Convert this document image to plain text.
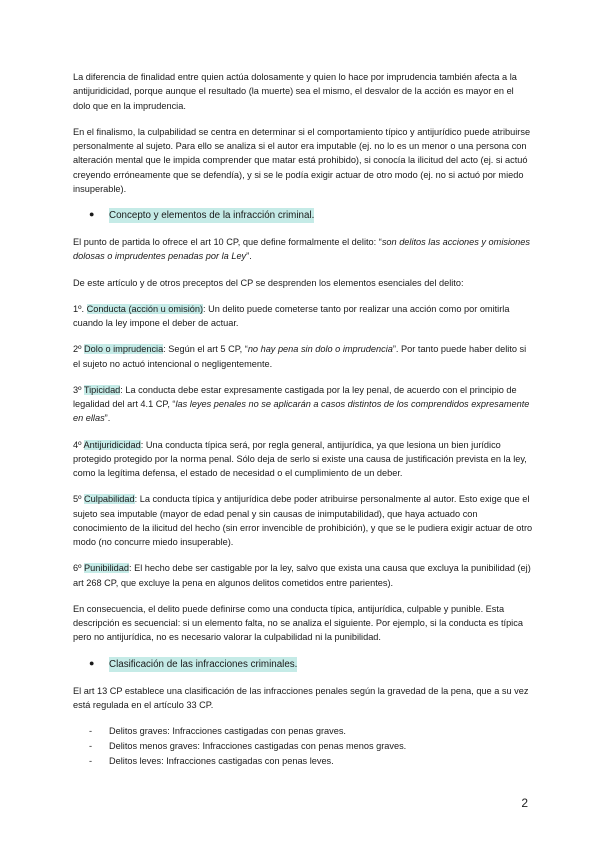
La diferencia de finalidad entre quien actúa dolosamente y quien lo hace por imprudencia también afecta a la antijuridicidad, porque aunque el resultado (la muerte) sea el mismo, el desvalor de la acción es mayor en el dolo que en la imprudencia.

En el finalismo, la culpabilidad se centra en determinar si el comportamiento típico y antijurídico puede atribuirse personalmente al sujeto. Para ello se analiza si el autor era imputable (ej. no lo es un menor o una persona con alteración mental que le impida comprender que matar está prohibido), si conocía la ilicitud del acto (ej. si actuó creyendo erróneamente que se defendía), y si se le podía exigir actuar de otro modo (ej. no si actuó por miedo insuperable).

●	Concepto y elementos de la infracción criminal.

El punto de partida lo ofrece el art 10 CP, que define formalmente el delito: “son delitos las acciones y omisiones dolosas o imprudentes penadas por la Ley”.

De este artículo y de otros preceptos del CP se desprenden los elementos esenciales del delito:

1º. Conducta (acción u omisión): Un delito puede cometerse tanto por realizar una acción como por omitirla cuando la ley impone el deber de actuar.

2º Dolo o imprudencia: Según el art 5 CP, “no hay pena sin dolo o imprudencia”. Por tanto puede haber delito si el sujeto no actuó intencional o negligentemente.

3º Tipicidad: La conducta debe estar expresamente castigada por la ley penal, de acuerdo con el principio de legalidad del art 4.1 CP, “las leyes penales no se aplicarán a casos distintos de los comprendidos expresamente en ellas”.

4º Antijuridicidad: Una conducta típica será, por regla general, antijurídica, ya que lesiona un bien jurídico protegido protegido por la norma penal. Sólo deja de serlo si existe una causa de justificación prevista en la ley, como la legítima defensa, el estado de necesidad o el cumplimiento de un deber.

5º Culpabilidad: La conducta típica y antijurídica debe poder atribuirse personalmente al autor. Esto exige que el sujeto sea imputable (mayor de edad penal y sin causas de inimputabilidad), que haya actuado con conocimiento de la ilicitud del hecho (sin error invencible de prohibición), y que se le pudiera exigir actuar de otro modo (no concurre miedo insuperable).

6º Punibilidad: El hecho debe ser castigable por la ley, salvo que exista una causa que excluya la punibilidad (ej) art 268 CP, que excluye la pena en algunos delitos cometidos entre parientes).

En consecuencia, el delito puede definirse como una conducta típica, antijurídica, culpable y punible. Esta descripción es secuencial: si un elemento falta, no se analiza el siguiente. Por ejemplo, si la conducta es típica pero no antijurídica, no es necesario valorar la culpabilidad ni la punibilidad.

●	Clasificación de las infracciones criminales.

El art 13 CP establece una clasificación de las infracciones penales según la gravedad de la pena, que a su vez está regulada en el artículo 33 CP.

-	Delitos graves: Infracciones castigadas con penas graves.
-	Delitos menos graves: Infracciones castigadas con penas menos graves.
-	Delitos leves: Infracciones castigadas con penas leves.
2
